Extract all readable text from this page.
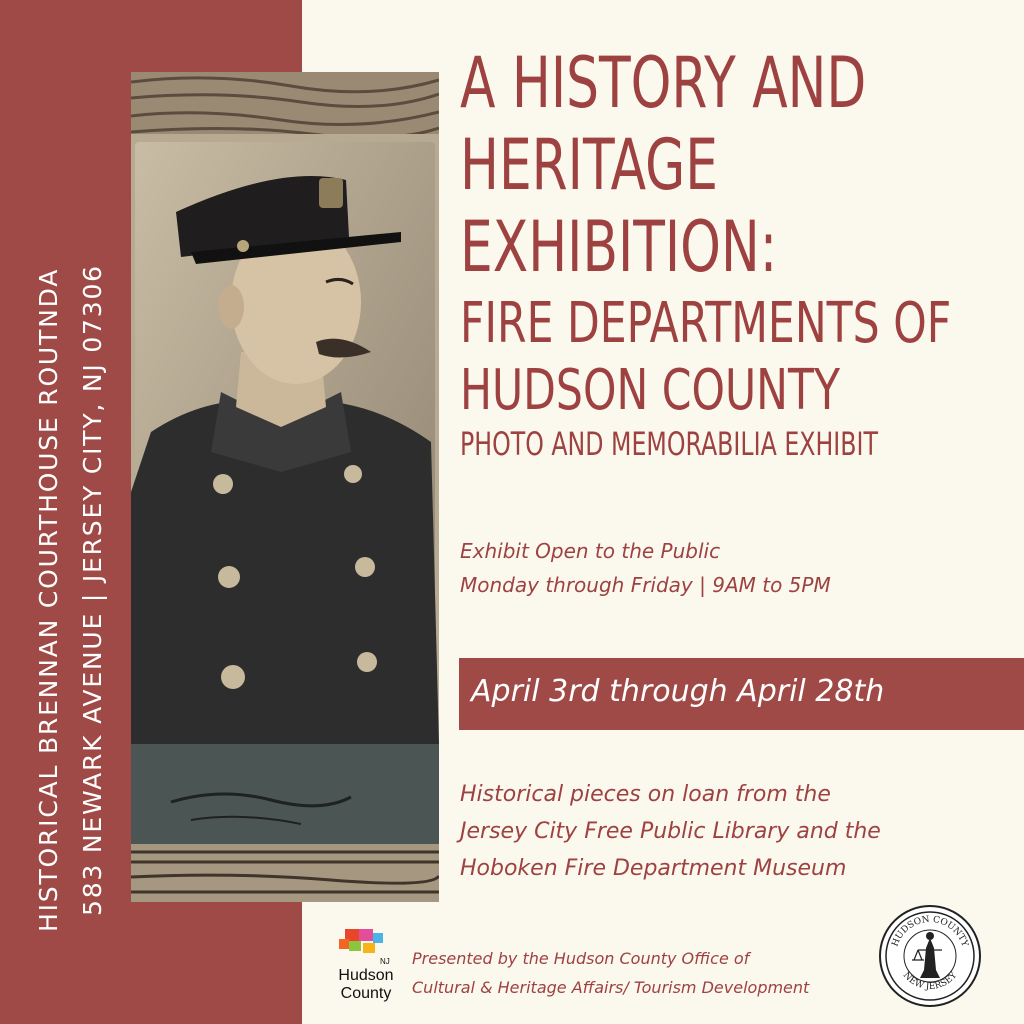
HISTORICAL BRENNAN COURTHOUSE ROUTNDA 583 NEWARK AVENUE | JERSEY CITY, NJ 07306
A HISTORY AND
HERITAGE
EXHIBITION:
FIRE DEPARTMENTS OF
HUDSON COUNTY
PHOTO AND MEMORABILIA EXHIBIT
Exhibit Open to the Public
Monday through Friday | 9AM to 5PM
April 3rd through April 28th
Historical pieces on loan from the
Jersey City Free Public Library and the
Hoboken Fire Department Museum
NJ
Hudson
County
Presented by the Hudson County Office of
Cultural & Heritage Affairs/ Tourism Development
HUDSON COUNTY
NEW JERSEY
